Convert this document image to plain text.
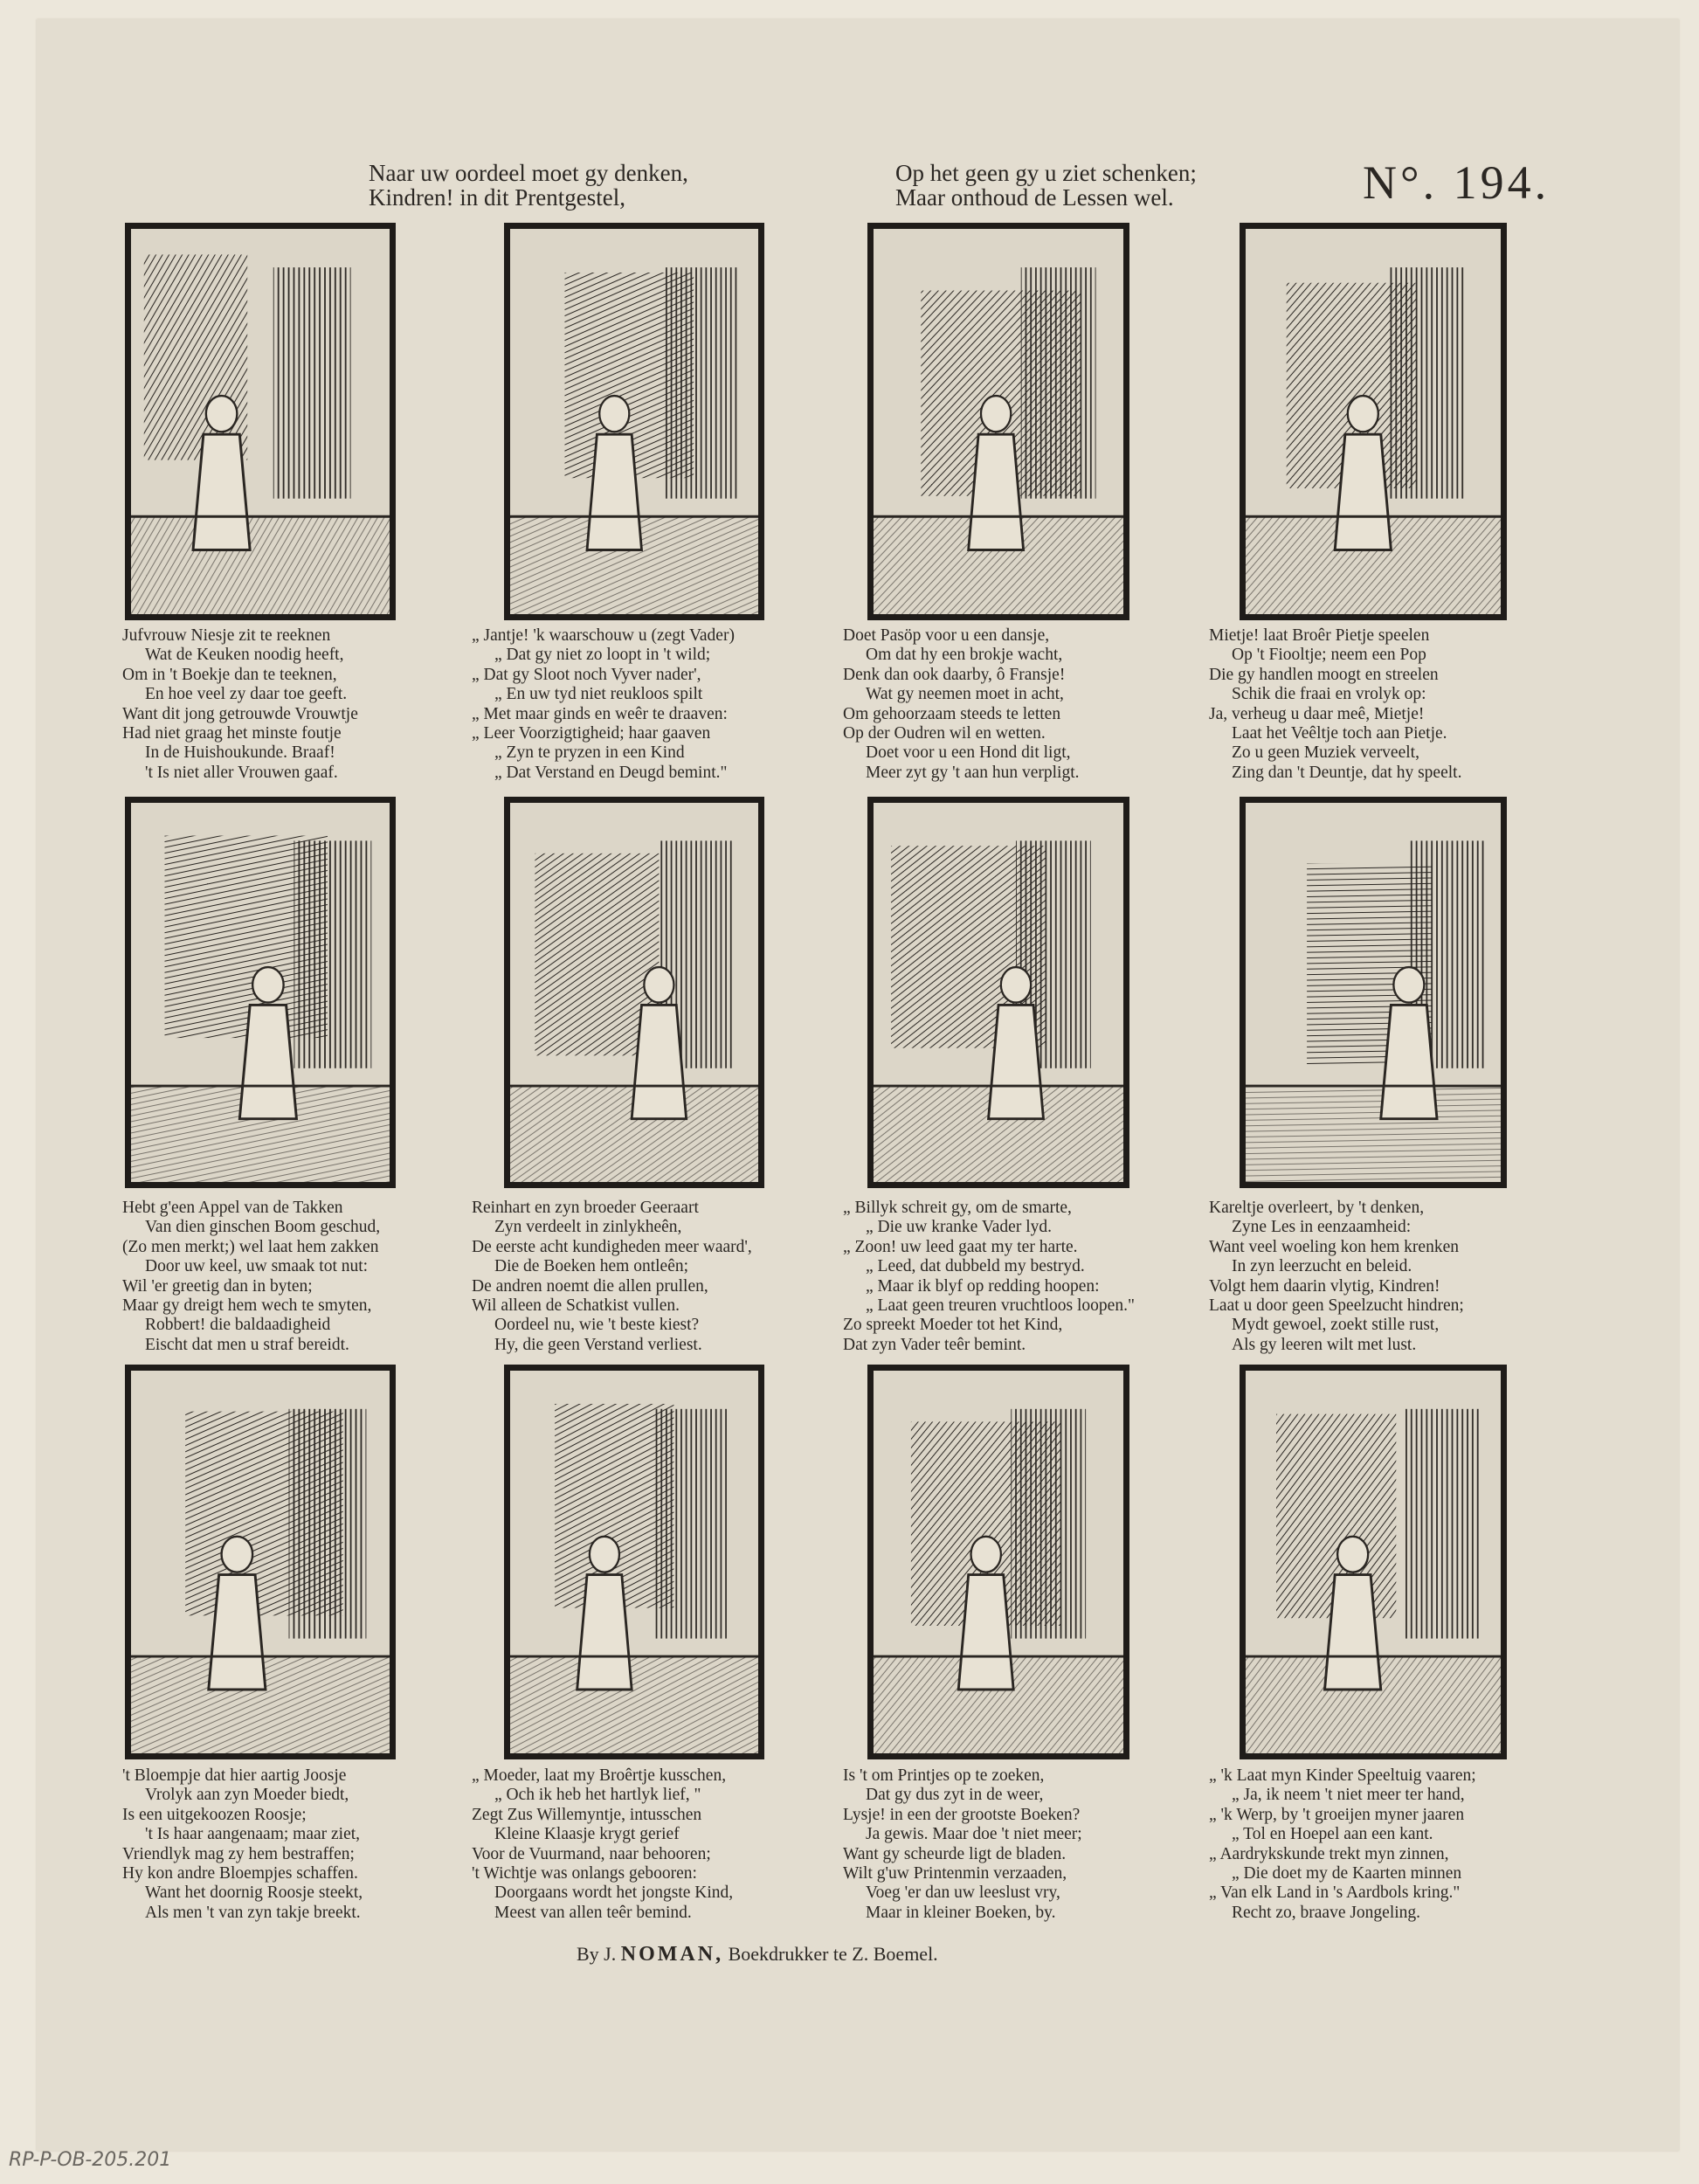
Naar uw oordeel moet gy denken,
Kindren! in dit Prentgestel,
Op het geen gy u ziet schenken;
Maar onthoud de Lessen wel.	N°. 194.
Jufvrouw Niesje zit te reeknen
Wat de Keuken noodig heeft,
Om in 't Boekje dan te teeknen,
En hoe veel zy daar toe geeft.
Want dit jong getrouwde Vrouwtje
Had niet graag het minste foutje
In de Huishoukunde. Braaf!
't Is niet aller Vrouwen gaaf.
„ Jantje! 'k waarschouw u (zegt Vader)
„ Dat gy niet zo loopt in 't wild;
„ Dat gy Sloot noch Vyver nader',
„ En uw tyd niet reukloos spilt
„ Met maar ginds en weêr te draaven:
„ Leer Voorzigtigheid; haar gaaven
„ Zyn te pryzen in een Kind
„ Dat Verstand en Deugd bemint."
Doet Pasöp voor u een dansje,
Om dat hy een brokje wacht,
Denk dan ook daarby, ô Fransje!
Wat gy neemen moet in acht,
Om gehoorzaam steeds te letten
Op der Oudren wil en wetten.
Doet voor u een Hond dit ligt,
Meer zyt gy 't aan hun verpligt.
Mietje! laat Broêr Pietje speelen
Op 't Fiooltje; neem een Pop
Die gy handlen moogt en streelen
Schik die fraai en vrolyk op:
Ja, verheug u daar meê, Mietje!
Laat het Veêltje toch aan Pietje.
Zo u geen Muziek verveelt,
Zing dan 't Deuntje, dat hy speelt.
Hebt g'een Appel van de Takken
Van dien ginschen Boom geschud,
(Zo men merkt;) wel laat hem zakken
Door uw keel, uw smaak tot nut:
Wil 'er greetig dan in byten;
Maar gy dreigt hem wech te smyten,
Robbert! die baldaadigheid
Eischt dat men u straf bereidt.
Reinhart en zyn broeder Geeraart
Zyn verdeelt in zinlykheên,
De eerste acht kundigheden meer waard',
Die de Boeken hem ontleên;
De andren noemt die allen prullen,
Wil alleen de Schatkist vullen.
Oordeel nu, wie 't beste kiest?
Hy, die geen Verstand verliest.
„ Billyk schreit gy, om de smarte,
„ Die uw kranke Vader lyd.
„ Zoon! uw leed gaat my ter harte.
„ Leed, dat dubbeld my bestryd.
„ Maar ik blyf op redding hoopen:
„ Laat geen treuren vruchtloos loopen."
Zo spreekt Moeder tot het Kind,
Dat zyn Vader teêr bemint.
Kareltje overleert, by 't denken,
Zyne Les in eenzaamheid:
Want veel woeling kon hem krenken
In zyn leerzucht en beleid.
Volgt hem daarin vlytig, Kindren!
Laat u door geen Speelzucht hindren;
Mydt gewoel, zoekt stille rust,
Als gy leeren wilt met lust.
't Bloempje dat hier aartig Joosje
Vrolyk aan zyn Moeder biedt,
Is een uitgekoozen Roosje;
't Is haar aangenaam; maar ziet,
Vriendlyk mag zy hem bestraffen;
Hy kon andre Bloempjes schaffen.
Want het doornig Roosje steekt,
Als men 't van zyn takje breekt.
„ Moeder, laat my Broêrtje kusschen,
„ Och ik heb het hartlyk lief, "
Zegt Zus Willemyntje, intusschen
Kleine Klaasje krygt gerief
Voor de Vuurmand, naar behooren;
't Wichtje was onlangs gebooren:
Doorgaans wordt het jongste Kind,
Meest van allen teêr bemind.
Is 't om Printjes op te zoeken,
Dat gy dus zyt in de weer,
Lysje! in een der grootste Boeken?
Ja gewis. Maar doe 't niet meer;
Want gy scheurde ligt de bladen.
Wilt g'uw Printenmin verzaaden,
Voeg 'er dan uw leeslust vry,
Maar in kleiner Boeken, by.
„ 'k Laat myn Kinder Speeltuig vaaren;
„ Ja, ik neem 't niet meer ter hand,
„ 'k Werp, by 't groeijen myner jaaren
„ Tol en Hoepel aan een kant.
„ Aardrykskunde trekt myn zinnen,
„ Die doet my de Kaarten minnen
„ Van elk Land in 's Aardbols kring."
Recht zo, braave Jongeling.
By J. NOMAN, Boekdrukker te Z. Boemel.
RP-P-OB-205.201
